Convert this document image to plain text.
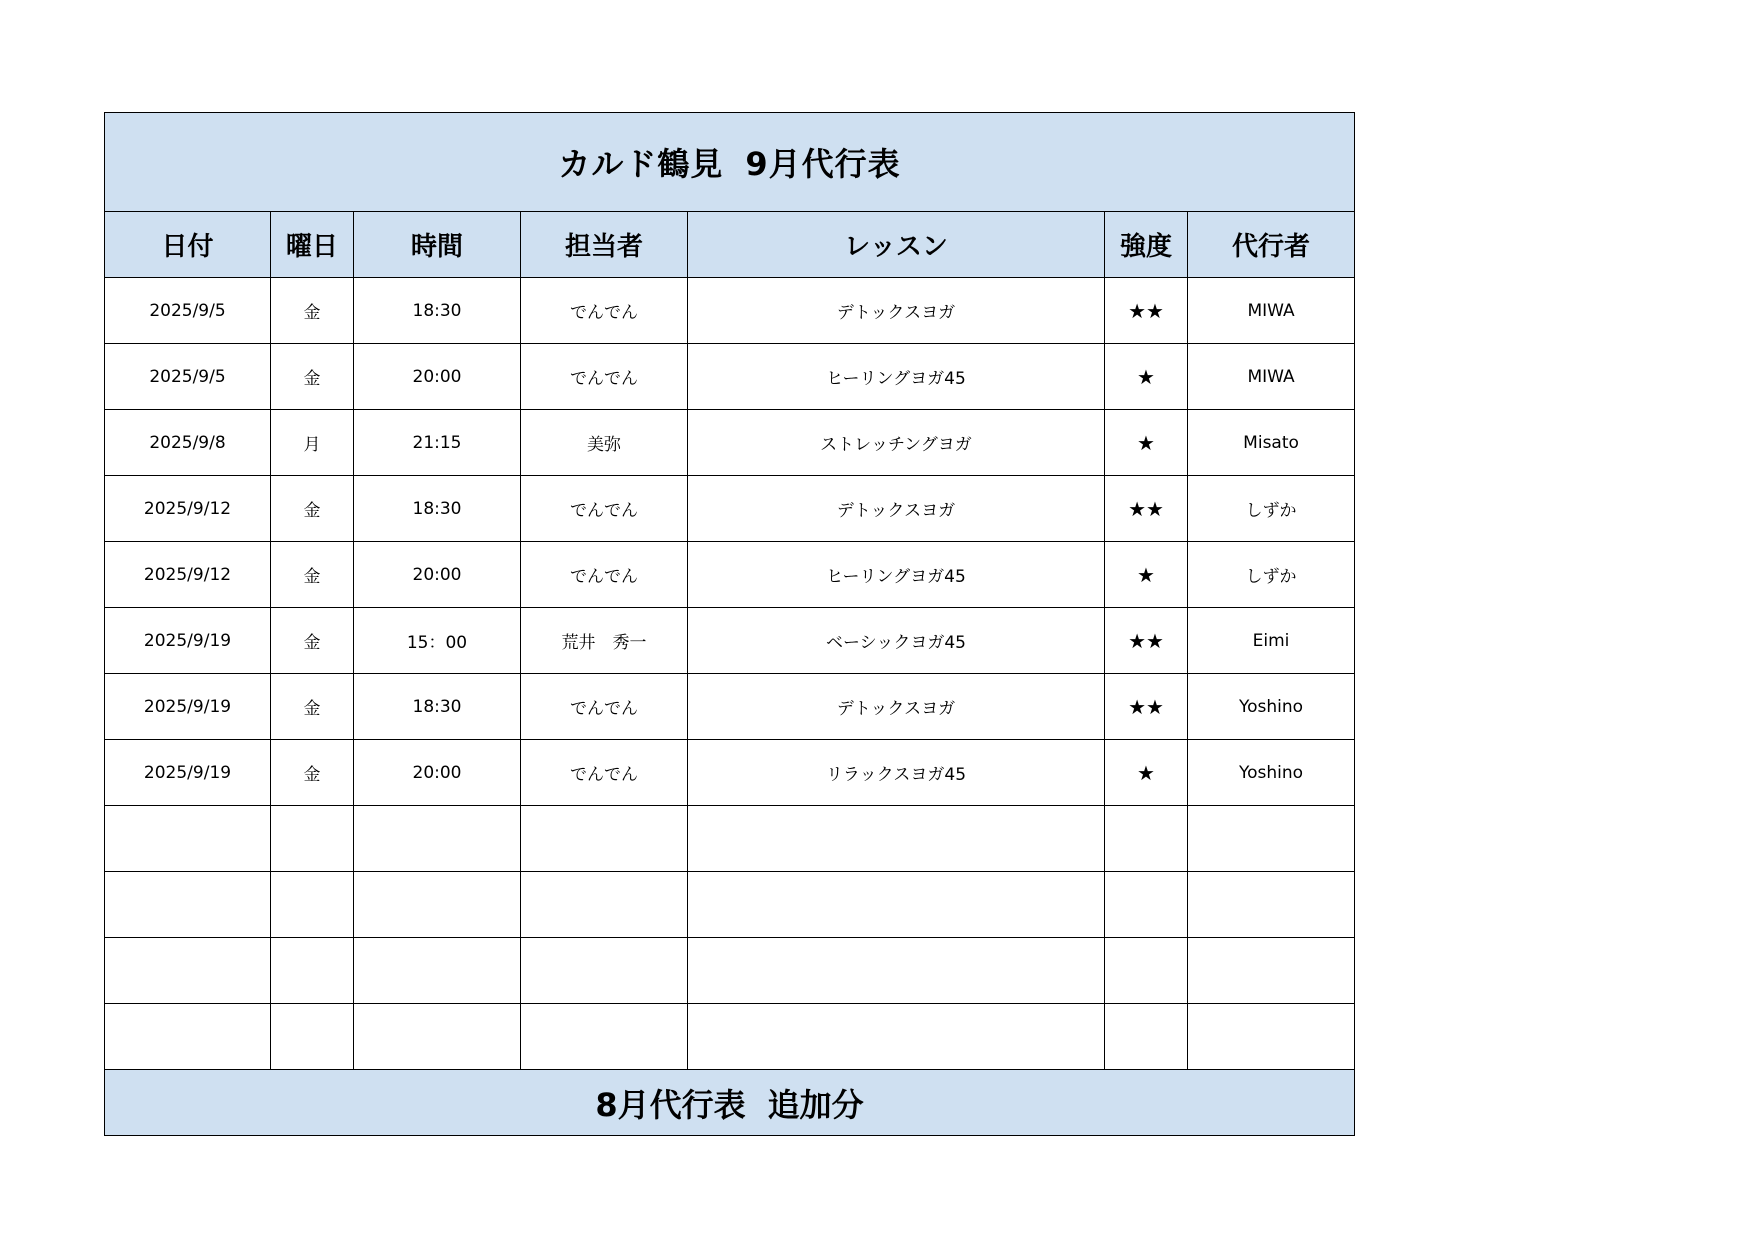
カルド鶴見 9月代行表						
日付	曜日	時間	担当者	レッスン	強度	代行者
2025/9/5	金	18:30	でんでん	デトックスヨガ	★★	MIWA
2025/9/5	金	20:00	でんでん	ヒーリングヨガ45	★	MIWA
2025/9/8	月	21:15	美弥	ストレッチングヨガ	★	Misato
2025/9/12	金	18:30	でんでん	デトックスヨガ	★★	しずか
2025/9/12	金	20:00	でんでん	ヒーリングヨガ45	★	しずか
2025/9/19	金	15：00	荒井　秀一	ベーシックヨガ45	★★	Eimi
2025/9/19	金	18:30	でんでん	デトックスヨガ	★★	Yoshino
2025/9/19	金	20:00	でんでん	リラックスヨガ45	★	Yoshino

8月代行表 追加分						
